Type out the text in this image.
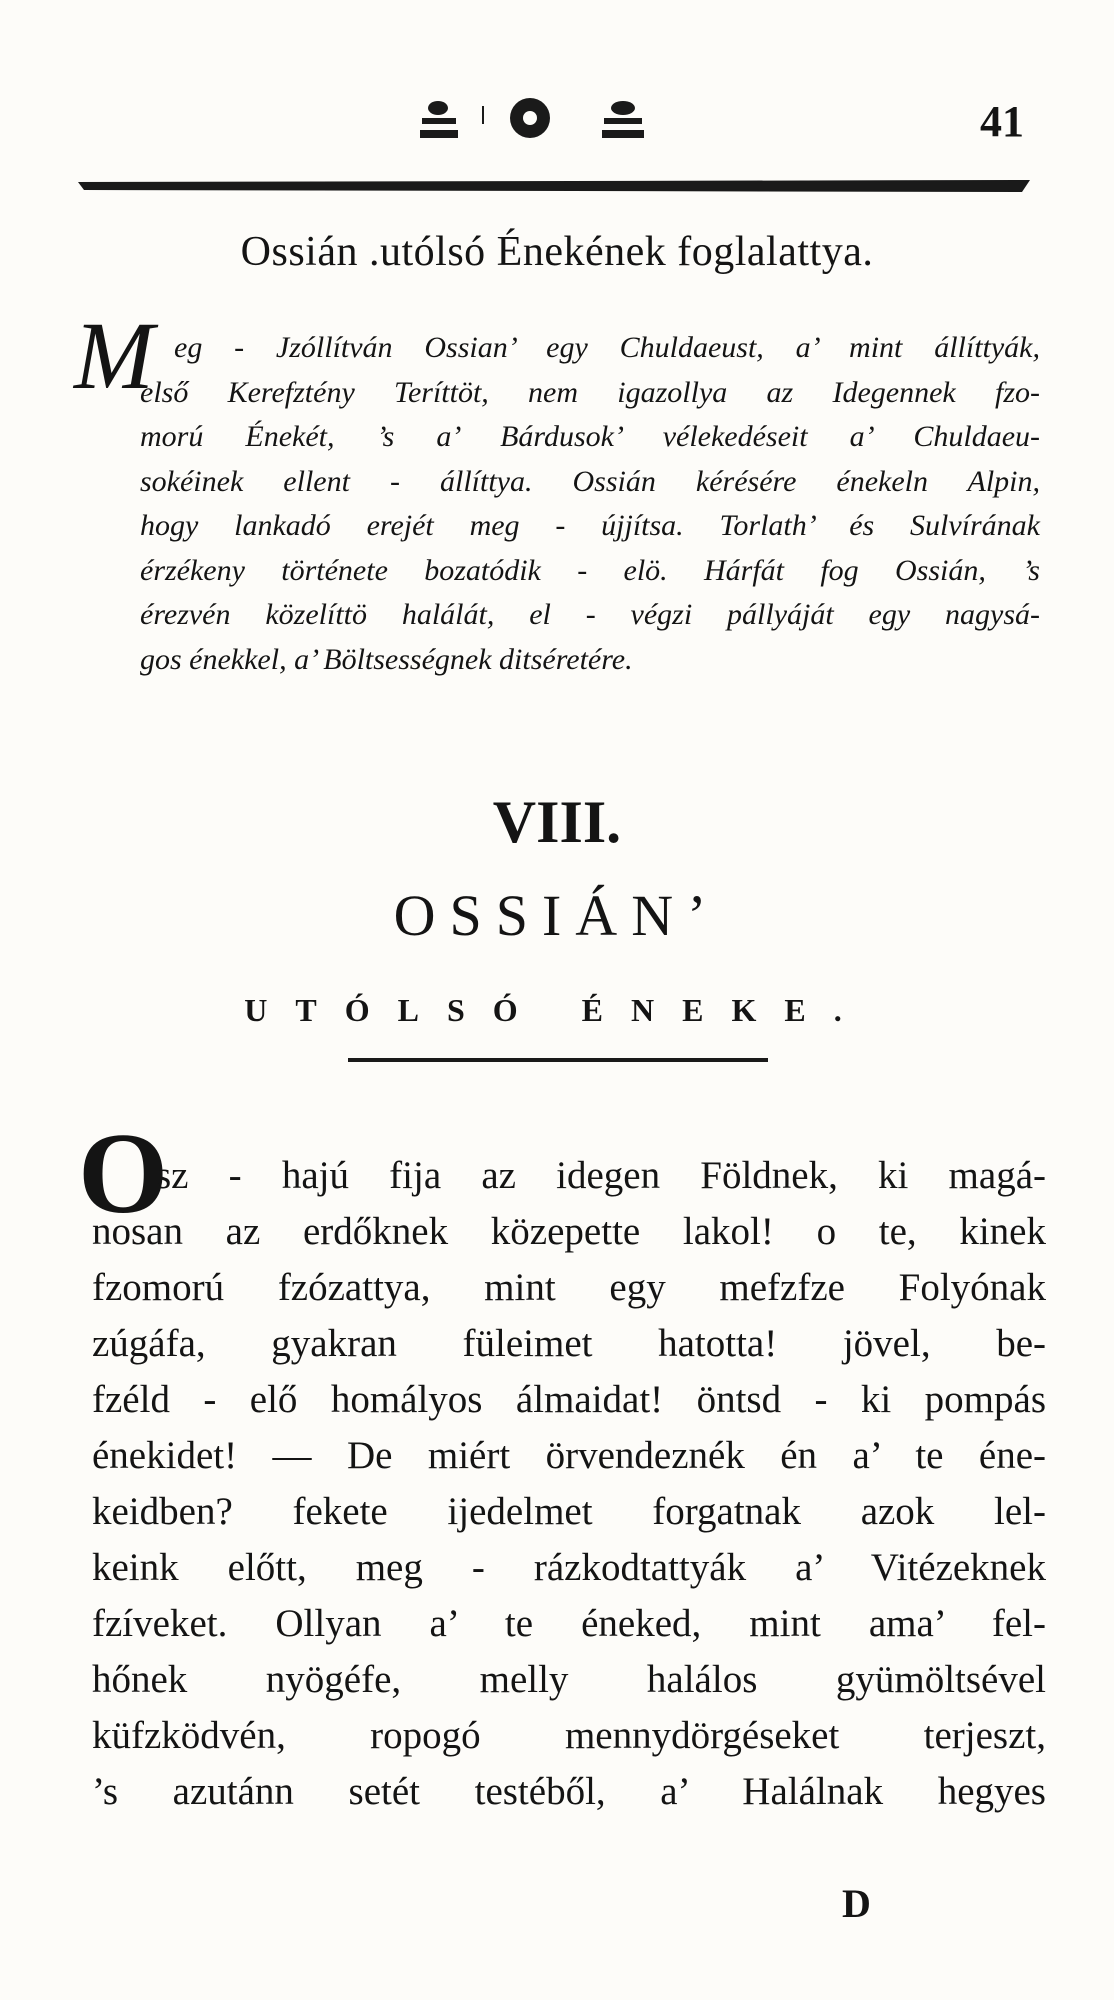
41
Ossián .utólsó Énekének foglalattya.
M eg - Jzóllítván Ossian’ egy Chuldaeust, a’ mint állíttyák,
első Kerefztény Teríttöt, nem igazollya az Idegennek fzo-
morú Énekét, ’s a’ Bárdusok’ vélekedéseit a’ Chuldaeu-
sokéinek ellent - állíttya. Ossián kérésére énekeln Alpin,
hogy lankadó erejét meg - újjítsa. Torlath’ és Sulvírának
érzékeny története bozatódik - elö. Hárfát fog Ossián, ’s
érezvén közelíttö halálát, el - végzi pállyáját egy nagysá-
gos énekkel, a’ Böltsességnek ditséretére.
VIII.
OSSIÁN’
UTÓLSÓ ÉNEKE.
O
sz - hajú fija az idegen Földnek, ki magá-
nosan az erdőknek közepette lakol! o te, kinek
fzomorú fzózattya, mint egy mefzfze Folyónak
zúgáfa, gyakran füleimet hatotta! jövel, be-
fzéld - elő homályos álmaidat! öntsd - ki pompás
énekidet! — De miért örvendeznék én a’ te éne-
keidben? fekete ijedelmet forgatnak azok lel-
keink előtt, meg - rázkodtattyák a’ Vitézeknek
fzíveket. Ollyan a’ te éneked, mint ama’ fel-
hőnek nyögéfe, melly halálos gyümöltsével
küfzködvén, ropogó mennydörgéseket terjeszt,
’s azutánn setét testéből, a’ Halálnak hegyes
D
